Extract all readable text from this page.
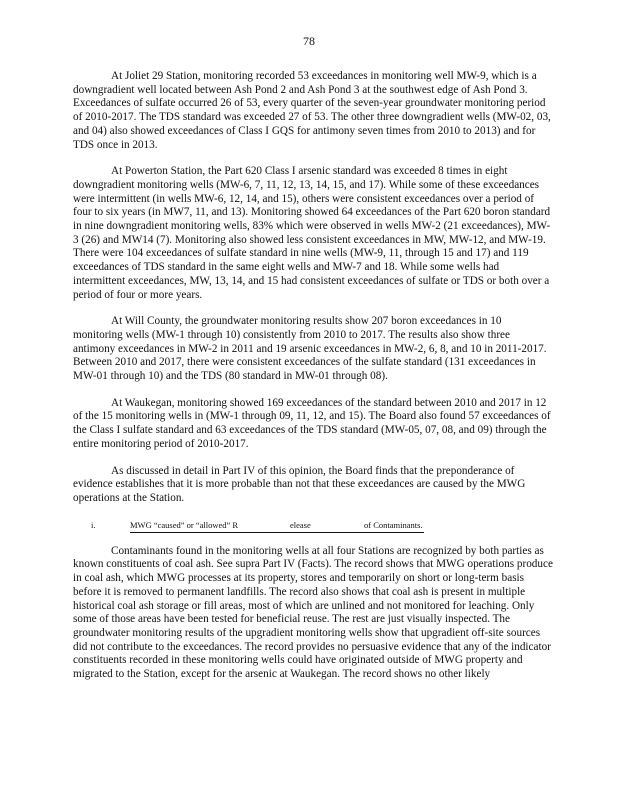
78

At Joliet 29 Station, monitoring recorded 53 exceedances in monitoring well MW-9, which is a downgradient well located between Ash Pond 2 and Ash Pond 3 at the southwest edge of Ash Pond 3. Exceedances of sulfate occurred 26 of 53, every quarter of the seven-year groundwater monitoring period of 2010-2017. The TDS standard was exceeded 27 of 53. The other three downgradient wells (MW-02, 03, and 04) also showed exceedances of Class I GQS for antimony seven times from 2010 to 2013) and for TDS once in 2013.

At Powerton Station, the Part 620 Class I arsenic standard was exceeded 8 times in eight downgradient monitoring wells (MW-6, 7, 11, 12, 13, 14, 15, and 17). While some of these exceedances were intermittent (in wells MW-6, 12, 14, and 15), others were consistent exceedances over a period of four to six years (in MW7, 11, and 13). Monitoring showed 64 exceedances of the Part 620 boron standard in nine downgradient monitoring wells, 83% which were observed in wells MW-2 (21 exceedances), MW-3 (26) and MW14 (7). Monitoring also showed less consistent exceedances in MW, MW-12, and MW-19. There were 104 exceedances of sulfate standard in nine wells (MW-9, 11, through 15 and 17) and 119 exceedances of TDS standard in the same eight wells and MW-7 and 18. While some wells had intermittent exceedances, MW, 13, 14, and 15 had consistent exceedances of sulfate or TDS or both over a period of four or more years.

At Will County, the groundwater monitoring results show 207 boron exceedances in 10 monitoring wells (MW-1 through 10) consistently from 2010 to 2017. The results also show three antimony exceedances in MW-2 in 2011 and 19 arsenic exceedances in MW-2, 6, 8, and 10 in 2011-2017. Between 2010 and 2017, there were consistent exceedances of the sulfate standard (131 exceedances in MW-01 through 10) and the TDS (80 standard in MW-01 through 08).

At Waukegan, monitoring showed 169 exceedances of the standard between 2010 and 2017 in 12 of the 15 monitoring wells in (MW-1 through 09, 11, 12, and 15). The Board also found 57 exceedances of the Class I sulfate standard and 63 exceedances of the TDS standard (MW-05, 07, 08, and 09) through the entire monitoring period of 2010-2017.

As discussed in detail in Part IV of this opinion, the Board finds that the preponderance of evidence establishes that it is more probable than not that these exceedances are caused by the MWG operations at the Station.

i.	MWG “caused” or “allowed” R	elease	of Contaminants.

Contaminants found in the monitoring wells at all four Stations are recognized by both parties as known constituents of coal ash. See supra Part IV (Facts). The record shows that MWG operations produce in coal ash, which MWG processes at its property, stores and temporarily on short or long-term basis before it is removed to permanent landfills. The record also shows that coal ash is present in multiple historical coal ash storage or fill areas, most of which are unlined and not monitored for leaching. Only some of those areas have been tested for beneficial reuse. The rest are just visually inspected. The groundwater monitoring results of the upgradient monitoring wells show that upgradient off-site sources did not contribute to the exceedances. The record provides no persuasive evidence that any of the indicator constituents recorded in these monitoring wells could have originated outside of MWG property and migrated to the Station, except for the arsenic at Waukegan. The record shows no other likely
